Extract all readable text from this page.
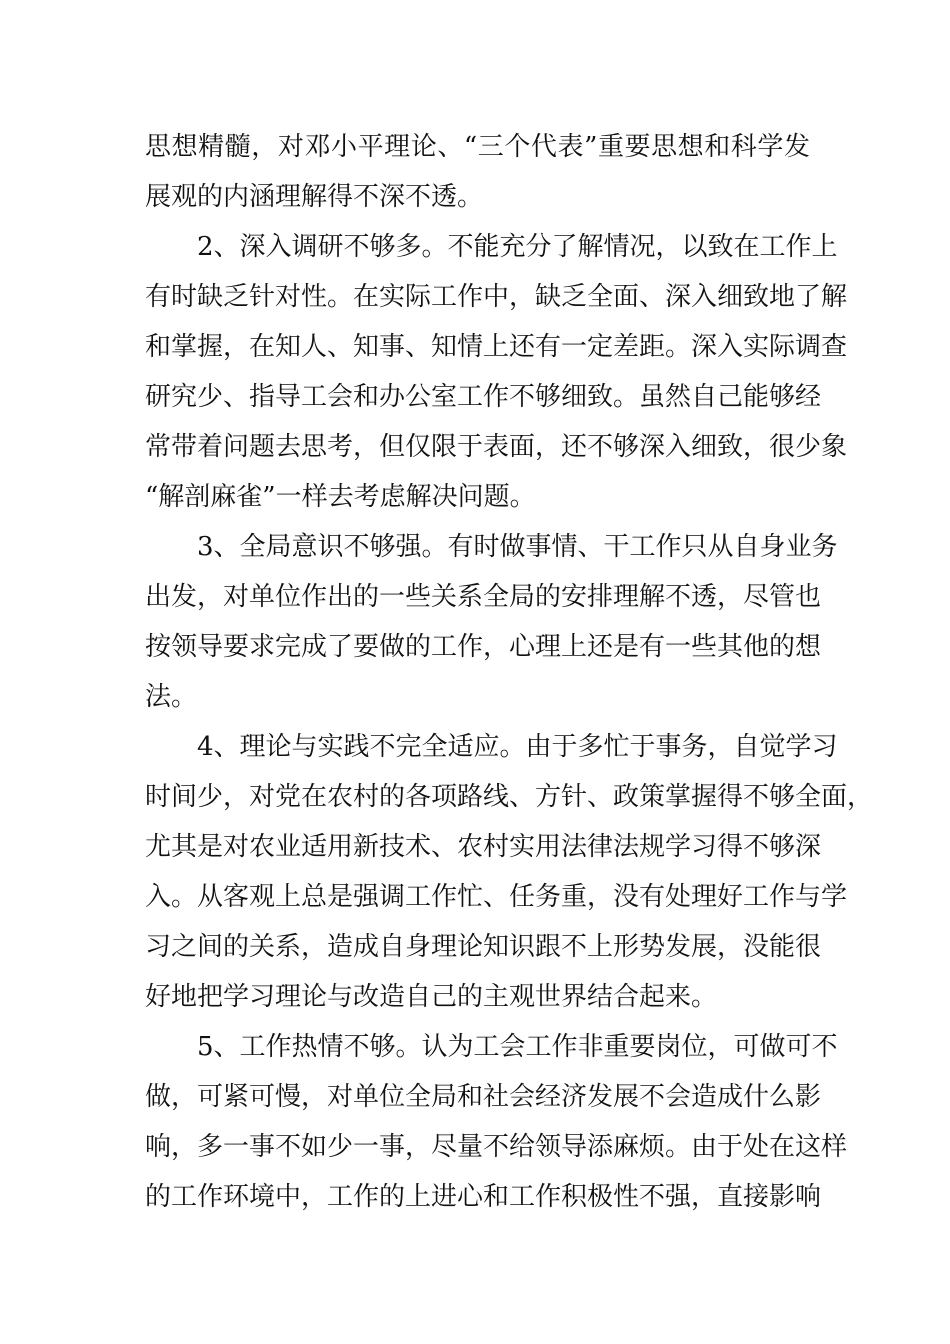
思想精髓，对邓小平理论、“三个代表”重要思想和科学发
展观的内涵理解得不深不透。
2、深入调研不够多。不能充分了解情况，以致在工作上
有时缺乏针对性。在实际工作中，缺乏全面、深入细致地了解
和掌握，在知人、知事、知情上还有一定差距。深入实际调查
研究少、指导工会和办公室工作不够细致。虽然自己能够经
常带着问题去思考，但仅限于表面，还不够深入细致，很少象
“解剖麻雀”一样去考虑解决问题。
3、全局意识不够强。有时做事情、干工作只从自身业务
出发，对单位作出的一些关系全局的安排理解不透，尽管也
按领导要求完成了要做的工作，心理上还是有一些其他的想
法。
4、理论与实践不完全适应。由于多忙于事务，自觉学习
时间少，对党在农村的各项路线、方针、政策掌握得不够全面，
尤其是对农业适用新技术、农村实用法律法规学习得不够深
入。从客观上总是强调工作忙、任务重，没有处理好工作与学
习之间的关系，造成自身理论知识跟不上形势发展，没能很
好地把学习理论与改造自己的主观世界结合起来。
5、工作热情不够。认为工会工作非重要岗位，可做可不
做，可紧可慢，对单位全局和社会经济发展不会造成什么影
响，多一事不如少一事，尽量不给领导添麻烦。由于处在这样
的工作环境中，工作的上进心和工作积极性不强，直接影响
